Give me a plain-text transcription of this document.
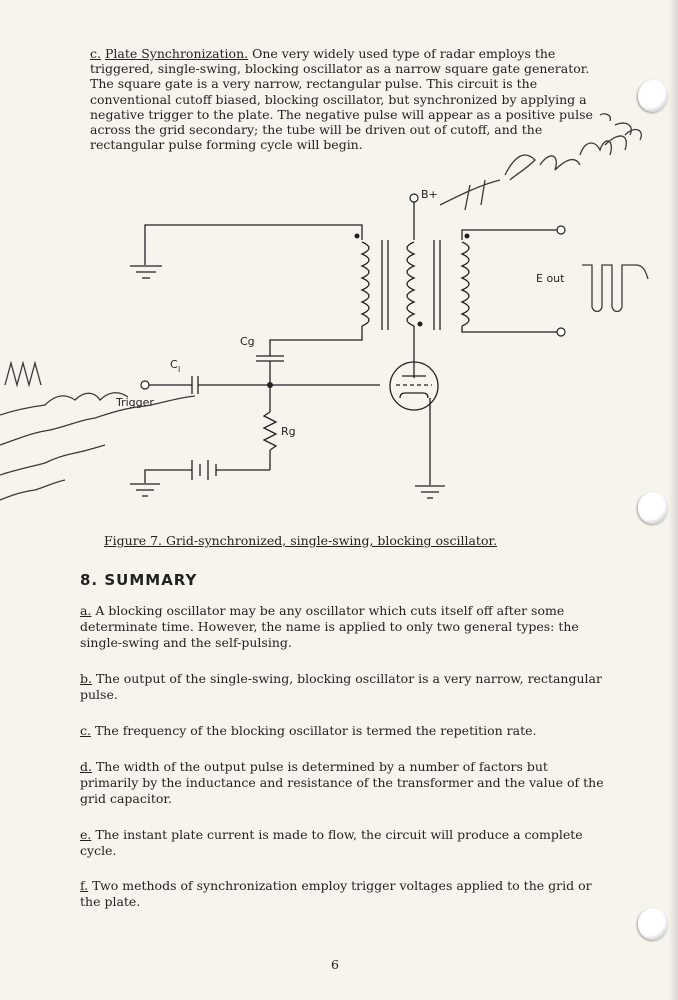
c. Plate Synchronization. One very widely used type of radar employs the triggered, single-swing, blocking oscillator as a narrow square gate generator. The square gate is a very narrow, rectangular pulse. This circuit is the conventional cutoff biased, blocking oscillator, but synchronized by applying a negative trigger to the plate. The negative pulse will appear as a positive pulse across the grid secondary; the tube will be driven out of cutoff, and the rectangular pulse forming cycle will begin.

B+
E out
Cg
C l
Trigger
Rg

Figure 7. Grid-synchronized, single-swing, blocking oscillator.

8. SUMMARY

a. A blocking oscillator may be any oscillator which cuts itself off after some determinate time. However, the name is applied to only two general types: the single-swing and the self-pulsing.

b. The output of the single-swing, blocking oscillator is a very narrow, rectangular pulse.

c. The frequency of the blocking oscillator is termed the repetition rate.

d. The width of the output pulse is determined by a number of factors but primarily by the inductance and resistance of the transformer and the value of the grid capacitor.

e. The instant plate current is made to flow, the circuit will produce a complete cycle.

f. Two methods of synchronization employ trigger voltages applied to the grid or the plate.

6
